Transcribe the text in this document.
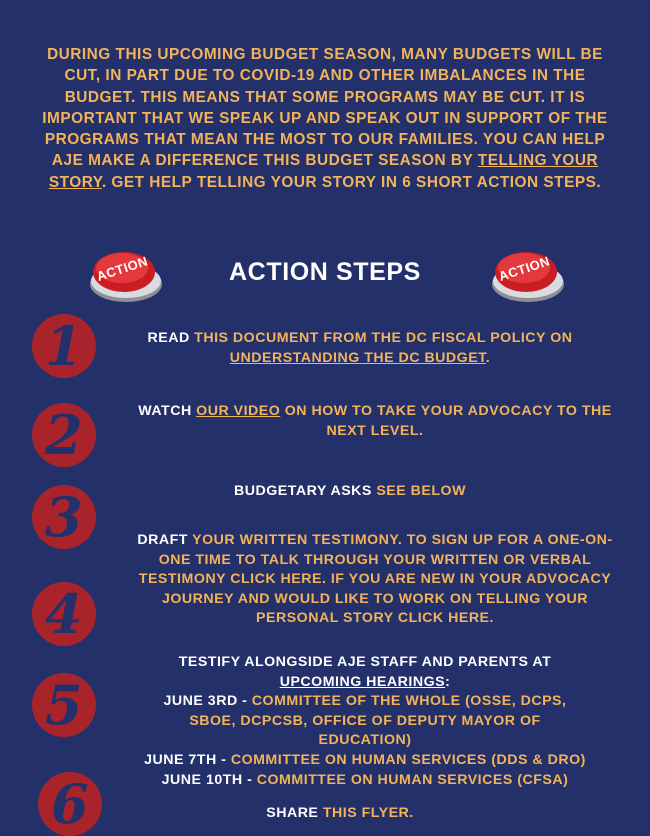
DURING THIS UPCOMING BUDGET SEASON, MANY BUDGETS WILL BE CUT, IN PART DUE TO COVID-19 AND OTHER IMBALANCES IN THE BUDGET. THIS MEANS THAT SOME PROGRAMS MAY BE CUT. IT IS IMPORTANT THAT WE SPEAK UP AND SPEAK OUT IN SUPPORT OF THE PROGRAMS THAT MEAN THE MOST TO OUR FAMILIES. YOU CAN HELP AJE MAKE A DIFFERENCE THIS BUDGET SEASON BY TELLING YOUR STORY. GET HELP TELLING YOUR STORY IN 6 SHORT ACTION STEPS.
ACTION	ACTION STEPS	ACTION
1
2
3
4
5
6
READ THIS DOCUMENT FROM THE DC FISCAL POLICY ON UNDERSTANDING THE DC BUDGET.
WATCH OUR VIDEO ON HOW TO TAKE YOUR ADVOCACY TO THE NEXT LEVEL.
BUDGETARY ASKS SEE BELOW
DRAFT YOUR WRITTEN TESTIMONY. TO SIGN UP FOR A ONE-ON-ONE TIME TO TALK THROUGH YOUR WRITTEN OR VERBAL TESTIMONY CLICK HERE. IF YOU ARE NEW IN YOUR ADVOCACY JOURNEY AND WOULD LIKE TO WORK ON TELLING YOUR PERSONAL STORY CLICK HERE.
TESTIFY ALONGSIDE AJE STAFF AND PARENTS AT
UPCOMING HEARINGS:
JUNE 3RD - COMMITTEE OF THE WHOLE (OSSE, DCPS, SBOE, DCPCSB, OFFICE OF DEPUTY MAYOR OF EDUCATION)
JUNE 7TH - COMMITTEE ON HUMAN SERVICES (DDS & DRO)
JUNE 10TH - COMMITTEE ON HUMAN SERVICES (CFSA)
SHARE THIS FLYER.
